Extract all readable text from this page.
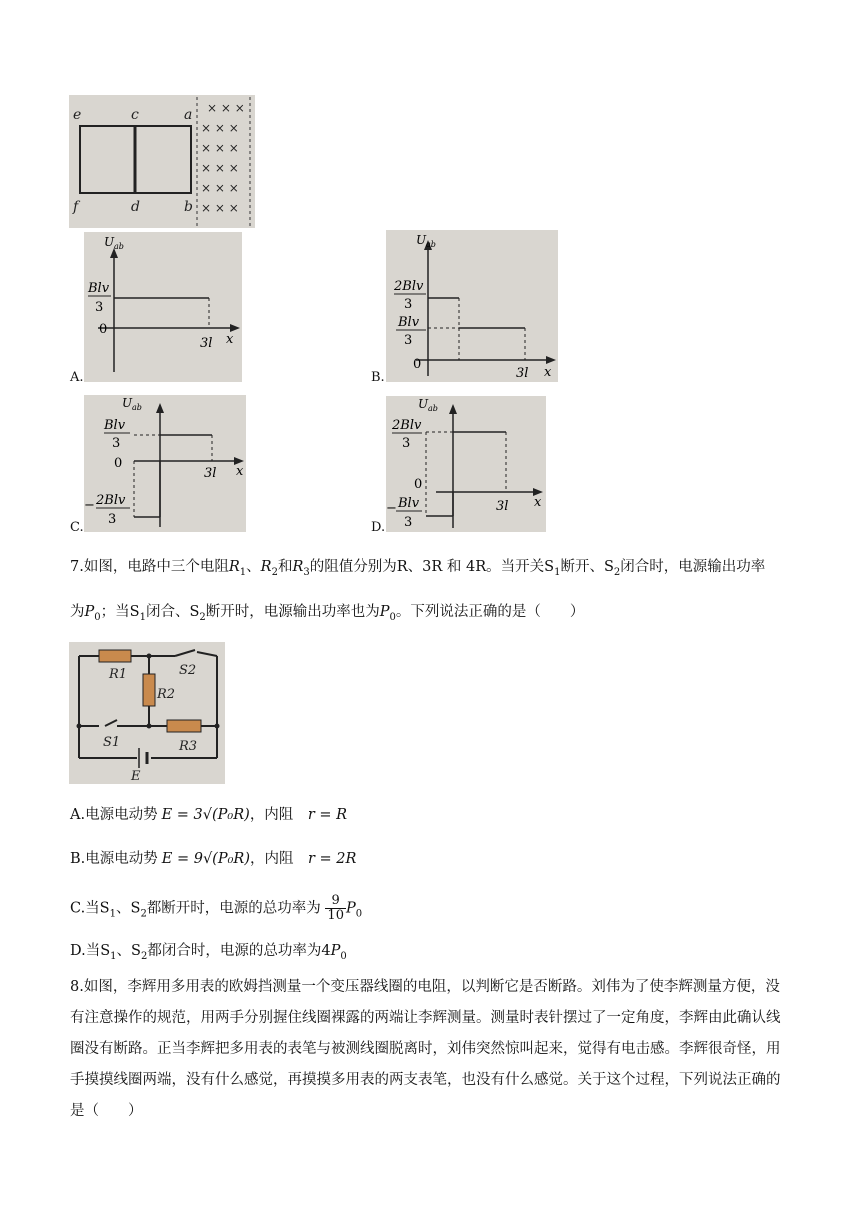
× × ×
× × ×
× × ×
× × ×
× × ×
× × ×
e	c	a
f	d	b
A.
U ab
Blv
3
0
3l x
B.
U ab
2Blv
3
Blv
3
0
3l x
C.
U ab
Blv
3
0
− 2Blv
3
3l x
D.
U ab
2Blv
3
0
− Blv
3
3l x
7.如图，电路中三个电阻$R_1$、$R_2$和$R_3$的阻值分别为R、3R 和 4R。当开关$S_1$断开、$S_2$闭合时，电源输出功率
为$P_0$；当$S_1$闭合、$S_2$断开时，电源输出功率也为$P_0$。下列说法正确的是（　　）
R1
R2
R3
S2
S1
E
A.电源电动势 E = 3√(P₀R)，内阻　 r = R
B.电源电动势 E = 9√(P₀R)，内阻　 r = 2R
C.当$S_1$、$S_2$都断开时，电源的总功率为 $\frac{9}{10} P_0$
D.当$S_1$、$S_2$都闭合时，电源的总功率为$4P_0$
8.如图，李辉用多用表的欧姆挡测量一个变压器线圈的电阻，以判断它是否断路。刘伟为了使李辉测量方便，没有注意操作的规范，用两手分别握住线圈裸露的两端让李辉测量。测量时表针摆过了一定角度，李辉由此确认线圈没有断路。正当李辉把多用表的表笔与被测线圈脱离时，刘伟突然惊叫起来，觉得有电击感。李辉很奇怪，用手摸摸线圈两端，没有什么感觉，再摸摸多用表的两支表笔，也没有什么感觉。关于这个过程，下列说法正确的是（　　）
